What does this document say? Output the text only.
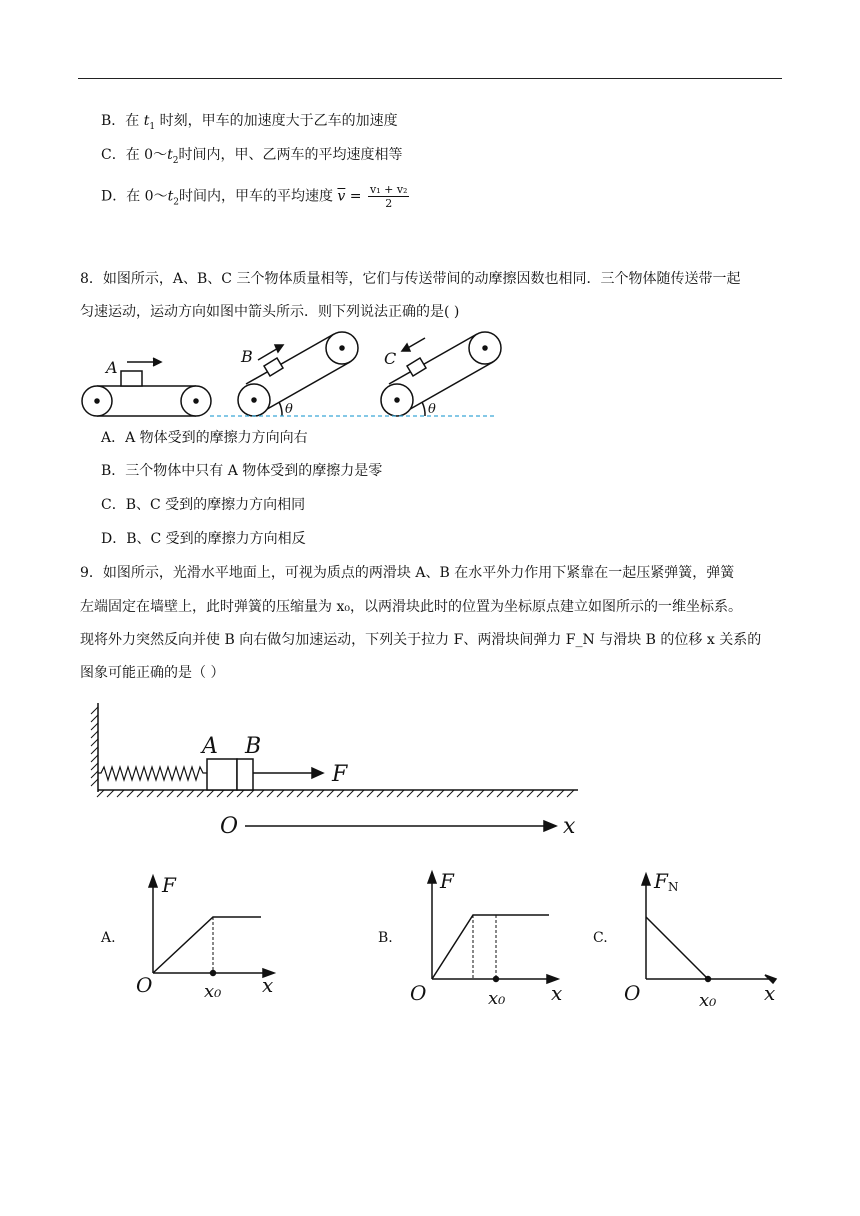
B．在 $t_1$ 时刻，甲车的加速度大于乙车的加速度
C．在 $0\sim t_2$时间内，甲、乙两车的平均速度相等
D．在 $0\sim t_2$时间内，甲车的平均速度 $\overline{v} = \frac{\text{v₁ + v₂}}{2}$
8．如图所示，A、B、C 三个物体质量相等，它们与传送带间的动摩擦因数也相同．三个物体随传送带一起
匀速运动，运动方向如图中箭头所示．则下列说法正确的是( )
A
B	C
θ	θ
A B
F
O	x
F
O	x
x₀
F
O	x
x₀
F N
O	x
x₀
A．A 物体受到的摩擦力方向向右
B．三个物体中只有 A 物体受到的摩擦力是零
C．B、C 受到的摩擦力方向相同
D．B、C 受到的摩擦力方向相反
9．如图所示，光滑水平地面上，可视为质点的两滑块 A、B 在水平外力作用下紧靠在一起压紧弹簧，弹簧
左端固定在墙壁上，此时弹簧的压缩量为 x₀，以两滑块此时的位置为坐标原点建立如图所示的一维坐标系。
现将外力突然反向并使 B 向右做匀加速运动，下列关于拉力 F、两滑块间弹力 F_N 与滑块 B 的位移 x 关系的
图象可能正确的是（ ）
A.	B.	C.
